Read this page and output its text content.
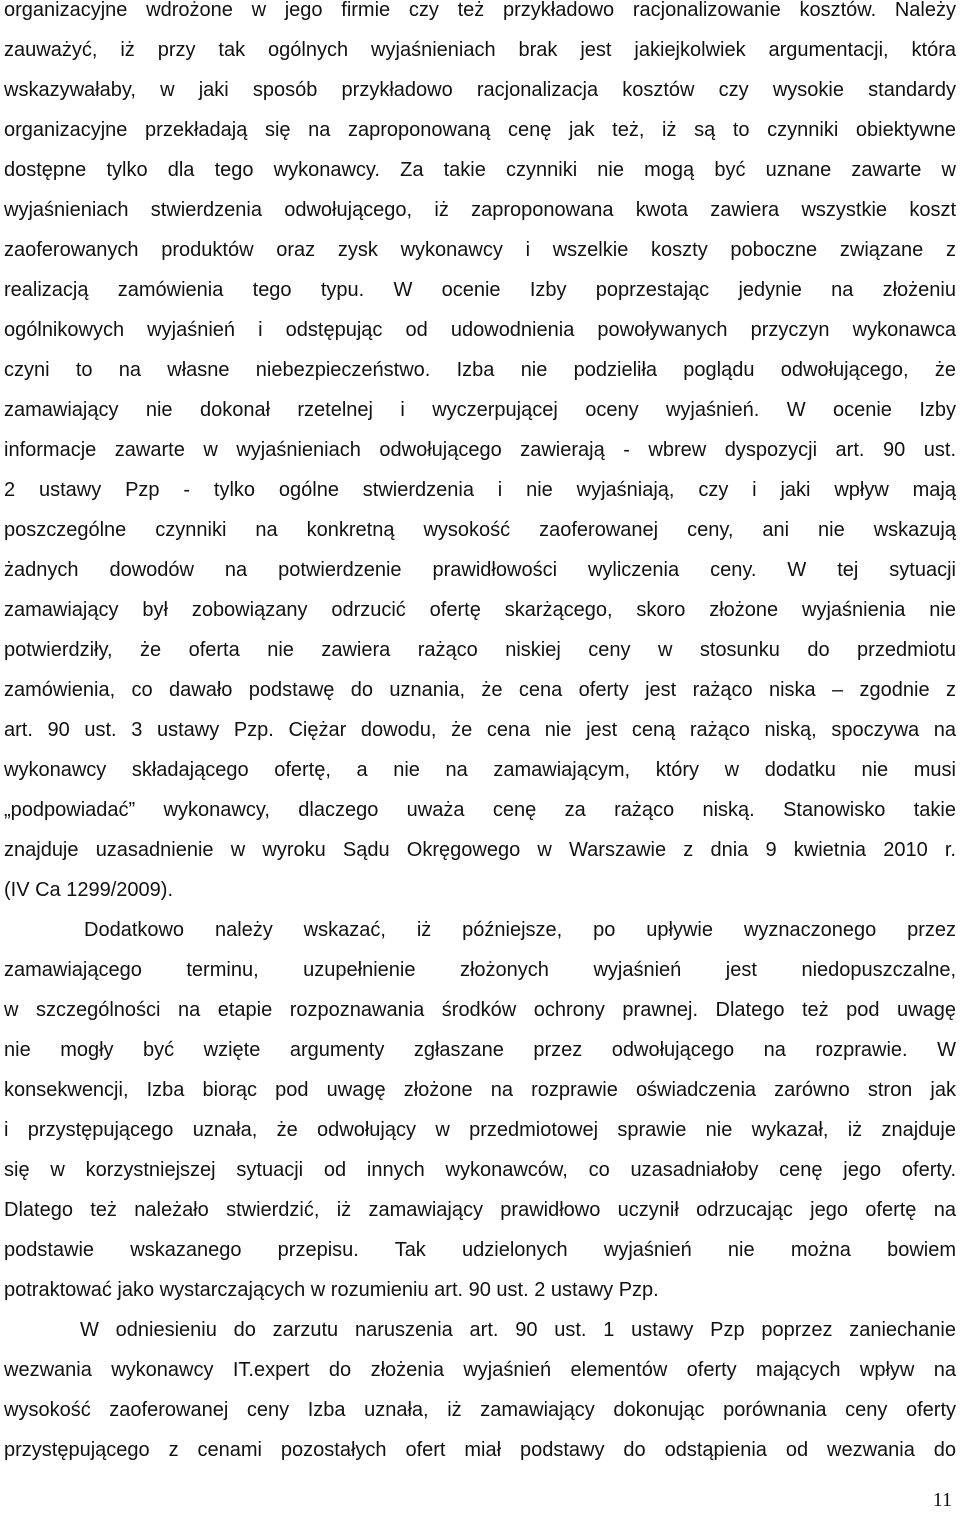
organizacyjne wdrożone w jego firmie czy też przykładowo racjonalizowanie kosztów. Należy
zauważyć, iż przy tak ogólnych wyjaśnieniach brak jest jakiejkolwiek argumentacji, która
wskazywałaby, w jaki sposób przykładowo racjonalizacja kosztów czy wysokie standardy
organizacyjne przekładają się na zaproponowaną cenę jak też, iż są to czynniki obiektywne
dostępne tylko dla tego wykonawcy. Za takie czynniki nie mogą być uznane zawarte w
wyjaśnieniach stwierdzenia odwołującego, iż zaproponowana kwota zawiera wszystkie koszt
zaoferowanych produktów oraz zysk wykonawcy i wszelkie koszty poboczne związane z
realizacją zamówienia tego typu. W ocenie Izby poprzestając jedynie na złożeniu
ogólnikowych wyjaśnień i odstępując od udowodnienia powoływanych przyczyn wykonawca
czyni to na własne niebezpieczeństwo. Izba nie podzieliła poglądu odwołującego, że
zamawiający nie dokonał rzetelnej i wyczerpującej oceny wyjaśnień. W ocenie Izby
informacje zawarte w wyjaśnieniach odwołującego zawierają - wbrew dyspozycji art. 90 ust.
2 ustawy Pzp - tylko ogólne stwierdzenia i nie wyjaśniają, czy i jaki wpływ mają
poszczególne czynniki na konkretną wysokość zaoferowanej ceny, ani nie wskazują
żadnych dowodów na potwierdzenie prawidłowości wyliczenia ceny. W tej sytuacji
zamawiający był zobowiązany odrzucić ofertę skarżącego, skoro złożone wyjaśnienia nie
potwierdziły, że oferta nie zawiera rażąco niskiej ceny w stosunku do przedmiotu
zamówienia, co dawało podstawę do uznania, że cena oferty jest rażąco niska – zgodnie z
art. 90 ust. 3 ustawy Pzp. Ciężar dowodu, że cena nie jest ceną rażąco niską, spoczywa na
wykonawcy składającego ofertę, a nie na zamawiającym, który w dodatku nie musi
„podpowiadać” wykonawcy, dlaczego uważa cenę za rażąco niską. Stanowisko takie
znajduje uzasadnienie w wyroku Sądu Okręgowego w Warszawie z dnia 9 kwietnia 2010 r.
(IV Ca 1299/2009).
Dodatkowo należy wskazać, iż późniejsze, po upływie wyznaczonego przez
zamawiającego terminu, uzupełnienie złożonych wyjaśnień jest niedopuszczalne,
w szczególności na etapie rozpoznawania środków ochrony prawnej. Dlatego też pod uwagę
nie mogły być wzięte argumenty zgłaszane przez odwołującego na rozprawie. W
konsekwencji, Izba biorąc pod uwagę złożone na rozprawie oświadczenia zarówno stron jak
i przystępującego uznała, że odwołujący w przedmiotowej sprawie nie wykazał, iż znajduje
się w korzystniejszej sytuacji od innych wykonawców, co uzasadniałoby cenę jego oferty.
Dlatego też należało stwierdzić, iż zamawiający prawidłowo uczynił odrzucając jego ofertę na
podstawie wskazanego przepisu. Tak udzielonych wyjaśnień nie można bowiem
potraktować jako wystarczających w rozumieniu art. 90 ust. 2 ustawy Pzp.
W odniesieniu do zarzutu naruszenia art. 90 ust. 1 ustawy Pzp poprzez zaniechanie
wezwania wykonawcy IT.expert do złożenia wyjaśnień elementów oferty mających wpływ na
wysokość zaoferowanej ceny Izba uznała, iż zamawiający dokonując porównania ceny oferty
przystępującego z cenami pozostałych ofert miał podstawy do odstąpienia od wezwania do
11
